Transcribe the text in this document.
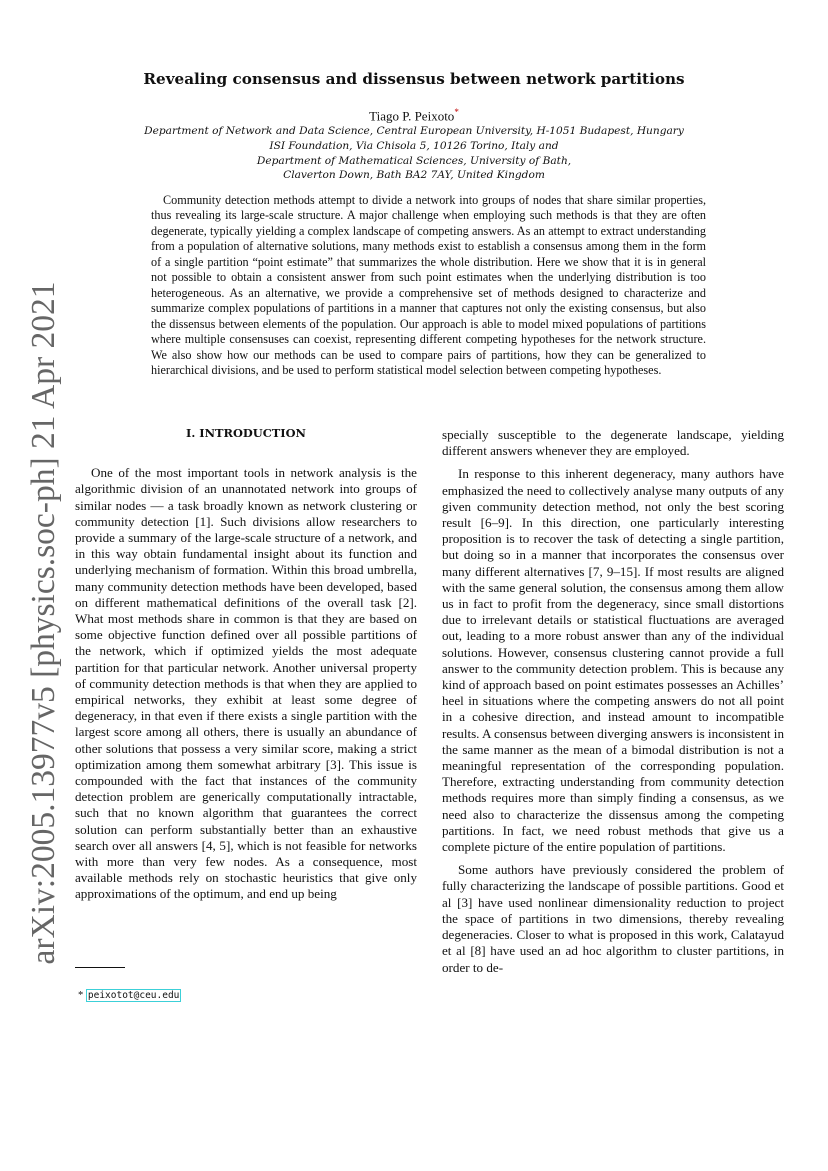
arXiv:2005.13977v5 [physics.soc-ph] 21 Apr 2021
Revealing consensus and dissensus between network partitions
Tiago P. Peixoto*
Department of Network and Data Science, Central European University, H-1051 Budapest, Hungary
ISI Foundation, Via Chisola 5, 10126 Torino, Italy and
Department of Mathematical Sciences, University of Bath,
Claverton Down, Bath BA2 7AY, United Kingdom

Community detection methods attempt to divide a network into groups of nodes that share similar properties, thus revealing its large-scale structure. A major challenge when employing such methods is that they are often degenerate, typically yielding a complex landscape of competing answers. As an attempt to extract understanding from a population of alternative solutions, many methods exist to establish a consensus among them in the form of a single partition “point estimate” that summarizes the whole distribution. Here we show that it is in general not possible to obtain a consistent answer from such point estimates when the underlying distribution is too heterogeneous. As an alternative, we provide a comprehensive set of methods designed to characterize and summarize complex populations of partitions in a manner that captures not only the existing consensus, but also the dissensus between elements of the population. Our approach is able to model mixed populations of partitions where multiple consensuses can coexist, representing different competing hypotheses for the network structure. We also show how our methods can be used to compare pairs of partitions, how they can be generalized to hierarchical divisions, and be used to perform statistical model selection between competing hypotheses.

I. INTRODUCTION

One of the most important tools in network analysis is the algorithmic division of an unannotated network into groups of similar nodes — a task broadly known as network clustering or community detection [1]. Such divisions allow researchers to provide a summary of the large-scale structure of a network, and in this way obtain fundamental insight about its function and underlying mechanism of formation. Within this broad umbrella, many community detection methods have been developed, based on different mathematical definitions of the overall task [2]. What most methods share in common is that they are based on some objective function defined over all possible partitions of the network, which if optimized yields the most adequate partition for that particular network. Another universal property of community detection methods is that when they are applied to empirical networks, they exhibit at least some degree of degeneracy, in that even if there exists a single partition with the largest score among all others, there is usually an abundance of other solutions that possess a very similar score, making a strict optimization among them somewhat arbitrary [3]. This issue is compounded with the fact that instances of the community detection problem are generically computationally intractable, such that no known algorithm that guarantees the correct solution can perform substantially better than an exhaustive search over all answers [4, 5], which is not feasible for networks with more than very few nodes. As a consequence, most available methods rely on stochastic heuristics that give only approximations of the optimum, and end up being

specially susceptible to the degenerate landscape, yielding different answers whenever they are employed.

In response to this inherent degeneracy, many authors have emphasized the need to collectively analyse many outputs of any given community detection method, not only the best scoring result [6–9]. In this direction, one particularly interesting proposition is to recover the task of detecting a single partition, but doing so in a manner that incorporates the consensus over many different alternatives [7, 9–15]. If most results are aligned with the same general solution, the consensus among them allow us in fact to profit from the degeneracy, since small distortions due to irrelevant details or statistical fluctuations are averaged out, leading to a more robust answer than any of the individual solutions. However, consensus clustering cannot provide a full answer to the community detection problem. This is because any kind of approach based on point estimates possesses an Achilles’ heel in situations where the competing answers do not all point in a cohesive direction, and instead amount to incompatible results. A consensus between diverging answers is inconsistent in the same manner as the mean of a bimodal distribution is not a meaningful representation of the corresponding population. Therefore, extracting understanding from community detection methods requires more than simply finding a consensus, as we need also to characterize the dissensus among the competing partitions. In fact, we need robust methods that give us a complete picture of the entire population of partitions.

Some authors have previously considered the problem of fully characterizing the landscape of possible partitions. Good et al [3] have used nonlinear dimensionality reduction to project the space of partitions in two dimensions, thereby revealing degeneracies. Closer to what is proposed in this work, Calatayud et al [8] have used an ad hoc algorithm to cluster partitions, in order to de-

* peixotot@ceu.edu
